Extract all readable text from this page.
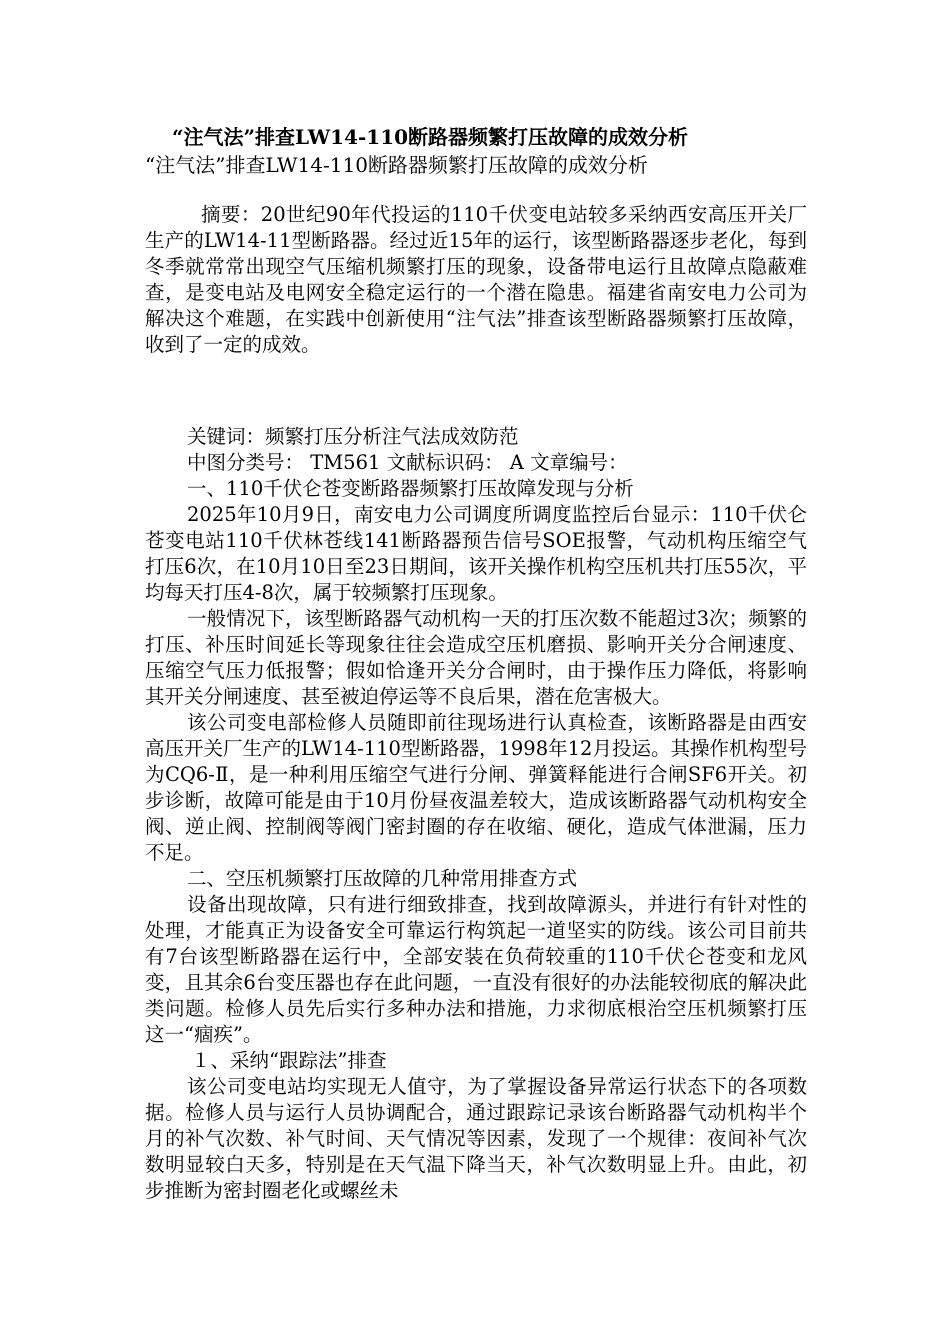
“注气法”排查LW14-110断路器频繁打压故障的成效分析
“注气法”排查LW14-110断路器频繁打压故障的成效分析

摘要：20世纪90年代投运的110千伏变电站较多采纳西安高压开关厂生产的LW14-11型断路器。经过近15年的运行，该型断路器逐步老化，每到冬季就常常出现空气压缩机频繁打压的现象，设备带电运行且故障点隐蔽难查，是变电站及电网安全稳定运行的一个潜在隐患。福建省南安电力公司为解决这个难题，在实践中创新使用“注气法”排查该型断路器频繁打压故障，收到了一定的成效。

关键词：频繁打压分析注气法成效防范

中图分类号： TM561 文献标识码： A 文章编号：

一、110千伏仑苍变断路器频繁打压故障发现与分析

2025年10月9日，南安电力公司调度所调度监控后台显示：110千伏仑苍变电站110千伏林苍线141断路器预告信号SOE报警，气动机构压缩空气打压6次，在10月10日至23日期间，该开关操作机构空压机共打压55次，平均每天打压4-8次，属于较频繁打压现象。

一般情况下，该型断路器气动机构一天的打压次数不能超过3次；频繁的打压、补压时间延长等现象往往会造成空压机磨损、影响开关分合闸速度、压缩空气压力低报警；假如恰逢开关分合闸时，由于操作压力降低，将影响其开关分闸速度、甚至被迫停运等不良后果，潜在危害极大。

该公司变电部检修人员随即前往现场进行认真检查，该断路器是由西安高压开关厂生产的LW14-110型断路器，1998年12月投运。其操作机构型号为CQ6-Ⅱ，是一种利用压缩空气进行分闸、弹簧释能进行合闸SF6开关。初步诊断，故障可能是由于10月份昼夜温差较大，造成该断路器气动机构安全阀、逆止阀、控制阀等阀门密封圈的存在收缩、硬化，造成气体泄漏，压力不足。

二、空压机频繁打压故障的几种常用排查方式

设备出现故障，只有进行细致排查，找到故障源头，并进行有针对性的处理，才能真正为设备安全可靠运行构筑起一道坚实的防线。该公司目前共有7台该型断路器在运行中，全部安装在负荷较重的110千伏仑苍变和龙风变，且其余6台变压器也存在此问题，一直没有很好的办法能较彻底的解决此类问题。检修人员先后实行多种办法和措施，力求彻底根治空压机频繁打压这一“痼疾”。

１、采纳“跟踪法”排查

该公司变电站均实现无人值守，为了掌握设备异常运行状态下的各项数据。检修人员与运行人员协调配合，通过跟踪记录该台断路器气动机构半个月的补气次数、补气时间、天气情况等因素，发现了一个规律：夜间补气次数明显较白天多，特别是在天气温下降当天，补气次数明显上升。由此，初步推断为密封圈老化或螺丝未
